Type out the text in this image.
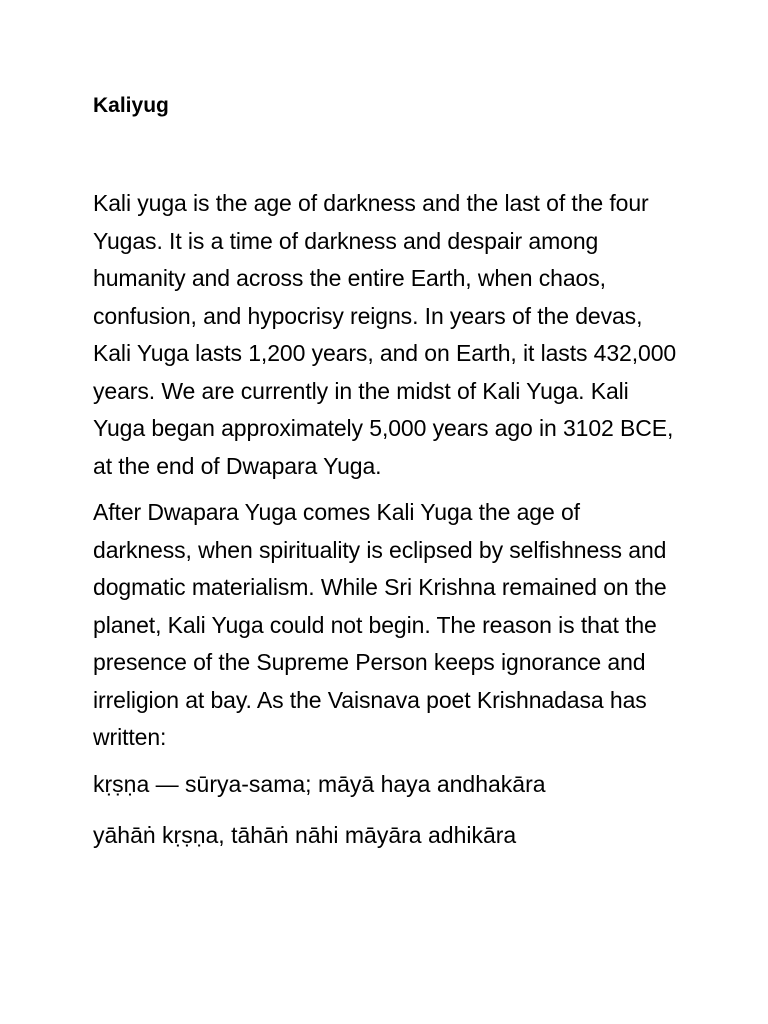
Kaliyug

Kali yuga is the age of darkness and the last of the four Yugas. It is a time of darkness and despair among humanity and across the entire Earth, when chaos, confusion, and hypocrisy reigns. In years of the devas, Kali Yuga lasts 1,200 years, and on Earth, it lasts 432,000 years. We are currently in the midst of Kali Yuga. Kali Yuga began approximately 5,000 years ago in 3102 BCE, at the end of Dwapara Yuga.

After Dwapara Yuga comes Kali Yuga the age of darkness, when spirituality is eclipsed by selfishness and dogmatic materialism. While Sri Krishna remained on the planet, Kali Yuga could not begin. The reason is that the presence of the Supreme Person keeps ignorance and irreligion at bay. As the Vaisnava poet Krishnadasa has written:

kṛṣṇa — sūrya-sama; māyā haya andhakāra

yāhāṅ kṛṣṇa, tāhāṅ nāhi māyāra adhikāra
